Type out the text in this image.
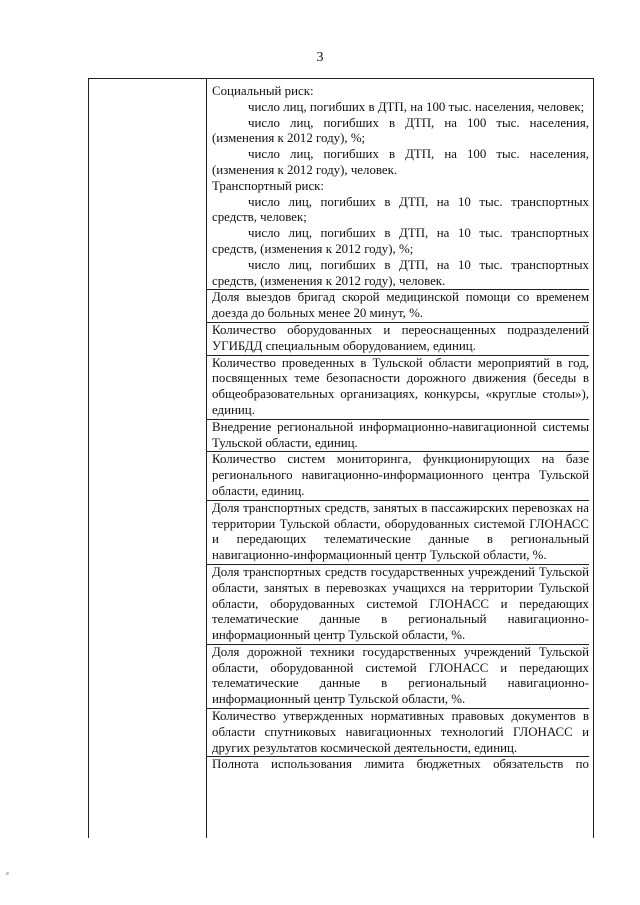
3

Социальный риск:

число лиц, погибших в ДТП, на 100 тыс. населения, человек;

число лиц, погибших в ДТП, на 100 тыс. населения, (изменения к 2012 году), %;

число лиц, погибших в ДТП, на 100 тыс. населения, (изменения к 2012 году), человек.

Транспортный риск:

число лиц, погибших в ДТП, на 10 тыс. транспортных средств, человек;

число лиц, погибших в ДТП, на 10 тыс. транспортных средств, (изменения к 2012 году), %;

число лиц, погибших в ДТП, на 10 тыс. транспортных средств, (изменения к 2012 году), человек.

Доля выездов бригад скорой медицинской помощи со временем доезда до больных менее 20 минут, %.

Количество оборудованных и переоснащенных подразделений УГИБДД специальным оборудованием, единиц.

Количество проведенных в Тульской области мероприятий в год, посвященных теме безопасности дорожного движения (беседы в общеобразовательных организациях, конкурсы, «круглые столы»), единиц.

Внедрение региональной информационно-навигационной системы Тульской области, единиц.

Количество систем мониторинга, функционирующих на базе регионального навигационно-информационного центра Тульской области, единиц.

Доля транспортных средств, занятых в пассажирских перевозках на территории Тульской области, оборудованных системой ГЛОНАСС и передающих телематические данные в региональный навигационно-информационный центр Тульской области, %.

Доля транспортных средств государственных учреждений Тульской области, занятых в перевозках учащихся на территории Тульской области, оборудованных системой ГЛОНАСС и передающих телематические данные в региональный навигационно-информационный центр Тульской области, %.

Доля дорожной техники государственных учреждений Тульской области, оборудованной системой ГЛОНАСС и передающих телематические данные в региональный навигационно-информационный центр Тульской области, %.

Количество утвержденных нормативных правовых документов в области спутниковых навигационных технологий ГЛОНАСС и других результатов космической деятельности, единиц.

Полнота использования лимита бюджетных обязательств по
